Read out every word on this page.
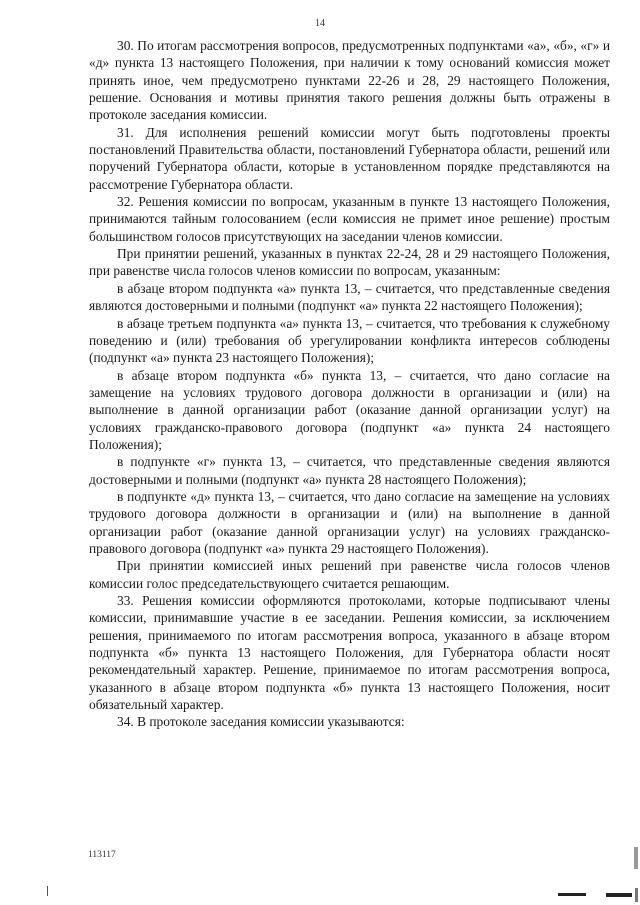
14

30. По итогам рассмотрения вопросов, предусмотренных подпунктами «а», «б», «г» и «д» пункта 13 настоящего Положения, при наличии к тому оснований комиссия может принять иное, чем предусмотрено пунктами 22-26 и 28, 29 настоящего Положения, решение. Основания и мотивы принятия такого решения должны быть отражены в протоколе заседания комиссии.

31. Для исполнения решений комиссии могут быть подготовлены проекты постановлений Правительства области, постановлений Губернатора области, решений или поручений Губернатора области, которые в установленном порядке представляются на рассмотрение Губернатора области.

32. Решения комиссии по вопросам, указанным в пункте 13 настоящего Положения, принимаются тайным голосованием (если комиссия не примет иное решение) простым большинством голосов присутствующих на заседании членов комиссии.

При принятии решений, указанных в пунктах 22-24, 28 и 29 настоящего Положения, при равенстве числа голосов членов комиссии по вопросам, указанным:

в абзаце втором подпункта «а» пункта 13, – считается, что представленные сведения являются достоверными и полными (подпункт «а» пункта 22 настоящего Положения);

в абзаце третьем подпункта «а» пункта 13, – считается, что требования к служебному поведению и (или) требования об урегулировании конфликта интересов соблюдены (подпункт «а» пункта 23 настоящего Положения);

в абзаце втором подпункта «б» пункта 13, – считается, что дано согласие на замещение на условиях трудового договора должности в организации и (или) на выполнение в данной организации работ (оказание данной организации услуг) на условиях гражданско-правового договора (подпункт «а» пункта 24 настоящего Положения);

в подпункте «г» пункта 13, – считается, что представленные сведения являются достоверными и полными (подпункт «а» пункта 28 настоящего Положения);

в подпункте «д» пункта 13, – считается, что дано согласие на замещение на условиях трудового договора должности в организации и (или) на выполнение в данной организации работ (оказание данной организации услуг) на условиях гражданско-правового договора (подпункт «а» пункта 29 настоящего Положения).

При принятии комиссией иных решений при равенстве числа голосов членов комиссии голос председательствующего считается решающим.

33. Решения комиссии оформляются протоколами, которые подписывают члены комиссии, принимавшие участие в ее заседании. Решения комиссии, за исключением решения, принимаемого по итогам рассмотрения вопроса, указанного в абзаце втором подпункта «б» пункта 13 настоящего Положения, для Губернатора области носят рекомендательный характер. Решение, принимаемое по итогам рассмотрения вопроса, указанного в абзаце втором подпункта «б» пункта 13 настоящего Положения, носит обязательный характер.

34. В протоколе заседания комиссии указываются:

113117
